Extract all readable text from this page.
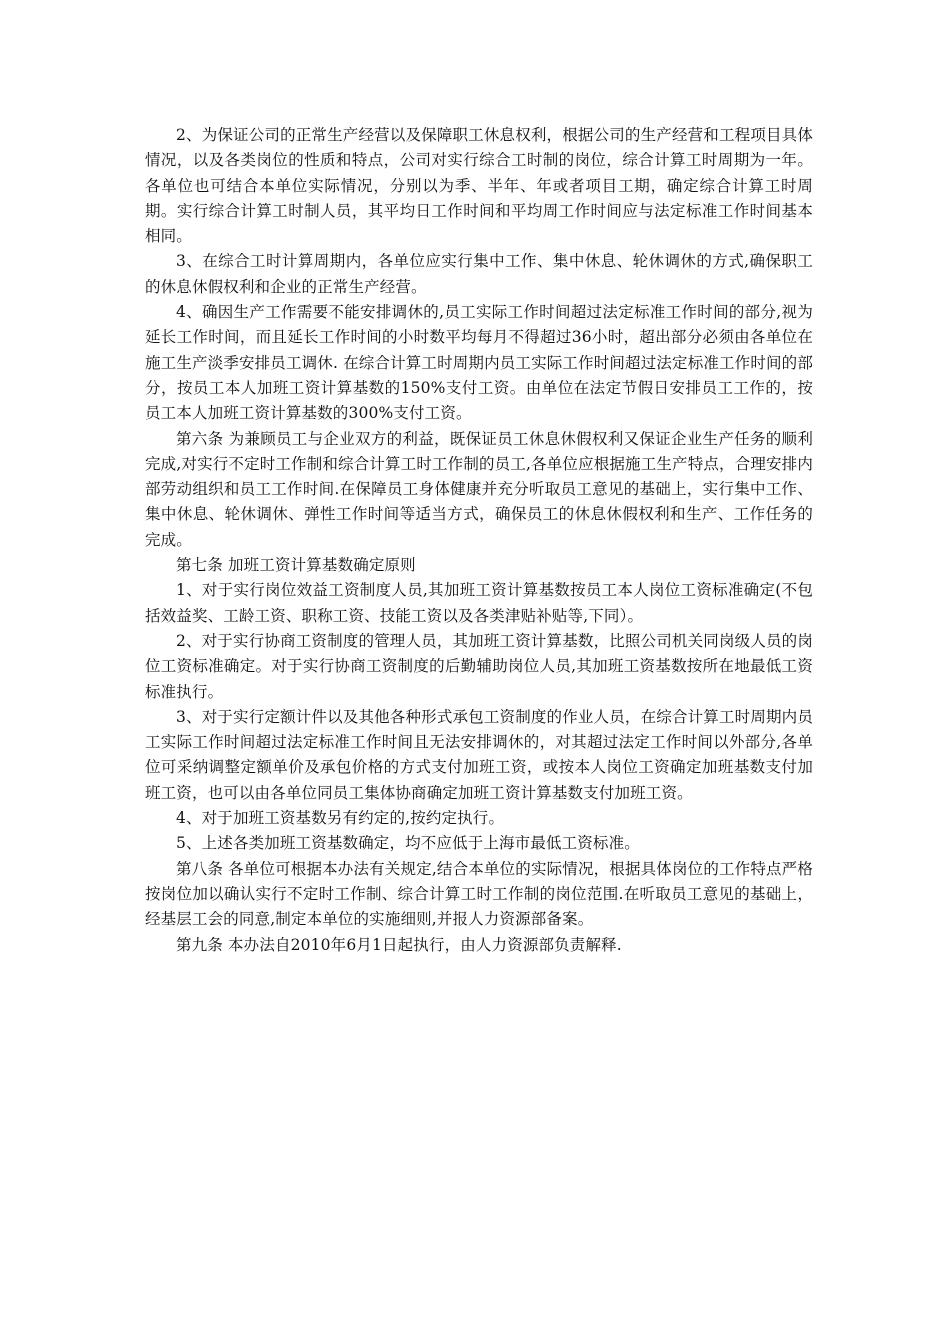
2、为保证公司的正常生产经营以及保障职工休息权利，根据公司的生产经营和工程项目具体情况，以及各类岗位的性质和特点，公司对实行综合工时制的岗位，综合计算工时周期为一年。各单位也可结合本单位实际情况，分别以为季、半年、年或者项目工期，确定综合计算工时周期。实行综合计算工时制人员，其平均日工作时间和平均周工作时间应与法定标准工作时间基本相同。

3、在综合工时计算周期内，各单位应实行集中工作、集中休息、轮休调休的方式,确保职工的休息休假权利和企业的正常生产经营。

4、确因生产工作需要不能安排调休的,员工实际工作时间超过法定标准工作时间的部分,视为延长工作时间，而且延长工作时间的小时数平均每月不得超过36小时，超出部分必须由各单位在施工生产淡季安排员工调休. 在综合计算工时周期内员工实际工作时间超过法定标准工作时间的部分，按员工本人加班工资计算基数的150%支付工资。由单位在法定节假日安排员工工作的，按员工本人加班工资计算基数的300%支付工资。

第六条 为兼顾员工与企业双方的利益，既保证员工休息休假权利又保证企业生产任务的顺利完成,对实行不定时工作制和综合计算工时工作制的员工,各单位应根据施工生产特点，合理安排内部劳动组织和员工工作时间.在保障员工身体健康并充分听取员工意见的基础上，实行集中工作、集中休息、轮休调休、弹性工作时间等适当方式，确保员工的休息休假权利和生产、工作任务的完成。

第七条 加班工资计算基数确定原则

1、对于实行岗位效益工资制度人员,其加班工资计算基数按员工本人岗位工资标准确定(不包括效益奖、工龄工资、职称工资、技能工资以及各类津贴补贴等,下同）。

2、对于实行协商工资制度的管理人员，其加班工资计算基数，比照公司机关同岗级人员的岗位工资标准确定。对于实行协商工资制度的后勤辅助岗位人员,其加班工资基数按所在地最低工资标准执行。

3、对于实行定额计件以及其他各种形式承包工资制度的作业人员，在综合计算工时周期内员工实际工作时间超过法定标准工作时间且无法安排调休的，对其超过法定工作时间以外部分,各单位可采纳调整定额单价及承包价格的方式支付加班工资，或按本人岗位工资确定加班基数支付加班工资，也可以由各单位同员工集体协商确定加班工资计算基数支付加班工资。

4、对于加班工资基数另有约定的,按约定执行。

5、上述各类加班工资基数确定，均不应低于上海市最低工资标准。

第八条 各单位可根据本办法有关规定,结合本单位的实际情况，根据具体岗位的工作特点严格按岗位加以确认实行不定时工作制、综合计算工时工作制的岗位范围.在听取员工意见的基础上，经基层工会的同意,制定本单位的实施细则,并报人力资源部备案。

第九条 本办法自2010年6月1日起执行，由人力资源部负责解释.
